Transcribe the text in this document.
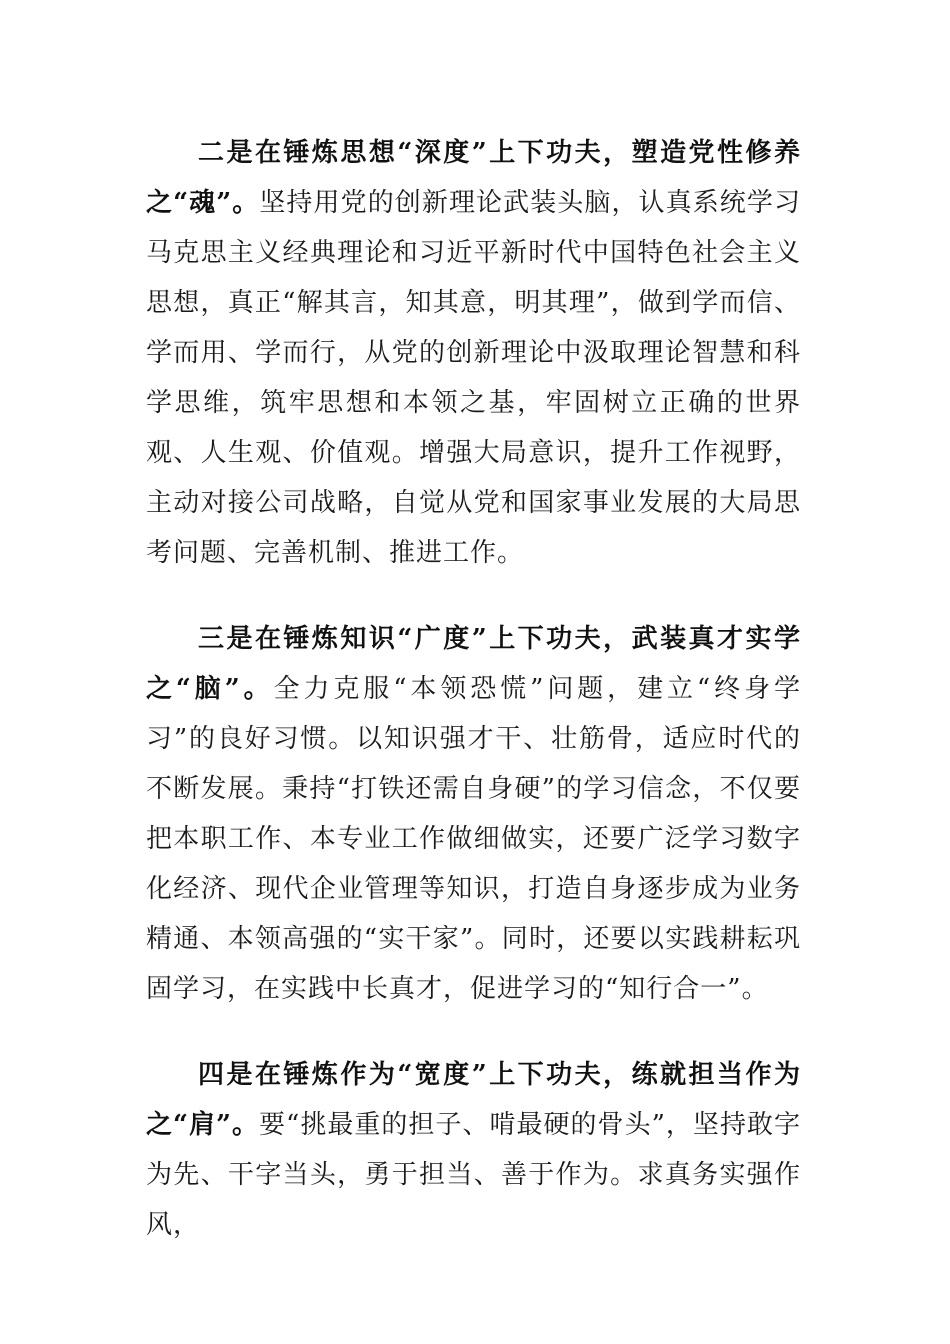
二是在锤炼思想“深度”上下功夫，塑造党性修养之“魂”。坚持用党的创新理论武装头脑，认真系统学习马克思主义经典理论和习近平新时代中国特色社会主义思想，真正“解其言，知其意，明其理”，做到学而信、学而用、学而行，从党的创新理论中汲取理论智慧和科学思维，筑牢思想和本领之基，牢固树立正确的世界观、人生观、价值观。增强大局意识，提升工作视野，主动对接公司战略，自觉从党和国家事业发展的大局思考问题、完善机制、推进工作。

三是在锤炼知识“广度”上下功夫，武装真才实学之“脑”。全力克服“本领恐慌”问题，建立“终身学习”的良好习惯。以知识强才干、壮筋骨，适应时代的不断发展。秉持“打铁还需自身硬”的学习信念，不仅要把本职工作、本专业工作做细做实，还要广泛学习数字化经济、现代企业管理等知识，打造自身逐步成为业务精通、本领高强的“实干家”。同时，还要以实践耕耘巩固学习，在实践中长真才，促进学习的“知行合一”。

四是在锤炼作为“宽度”上下功夫，练就担当作为之“肩”。要“挑最重的担子、啃最硬的骨头”，坚持敢字为先、干字当头，勇于担当、善于作为。求真务实强作风，
